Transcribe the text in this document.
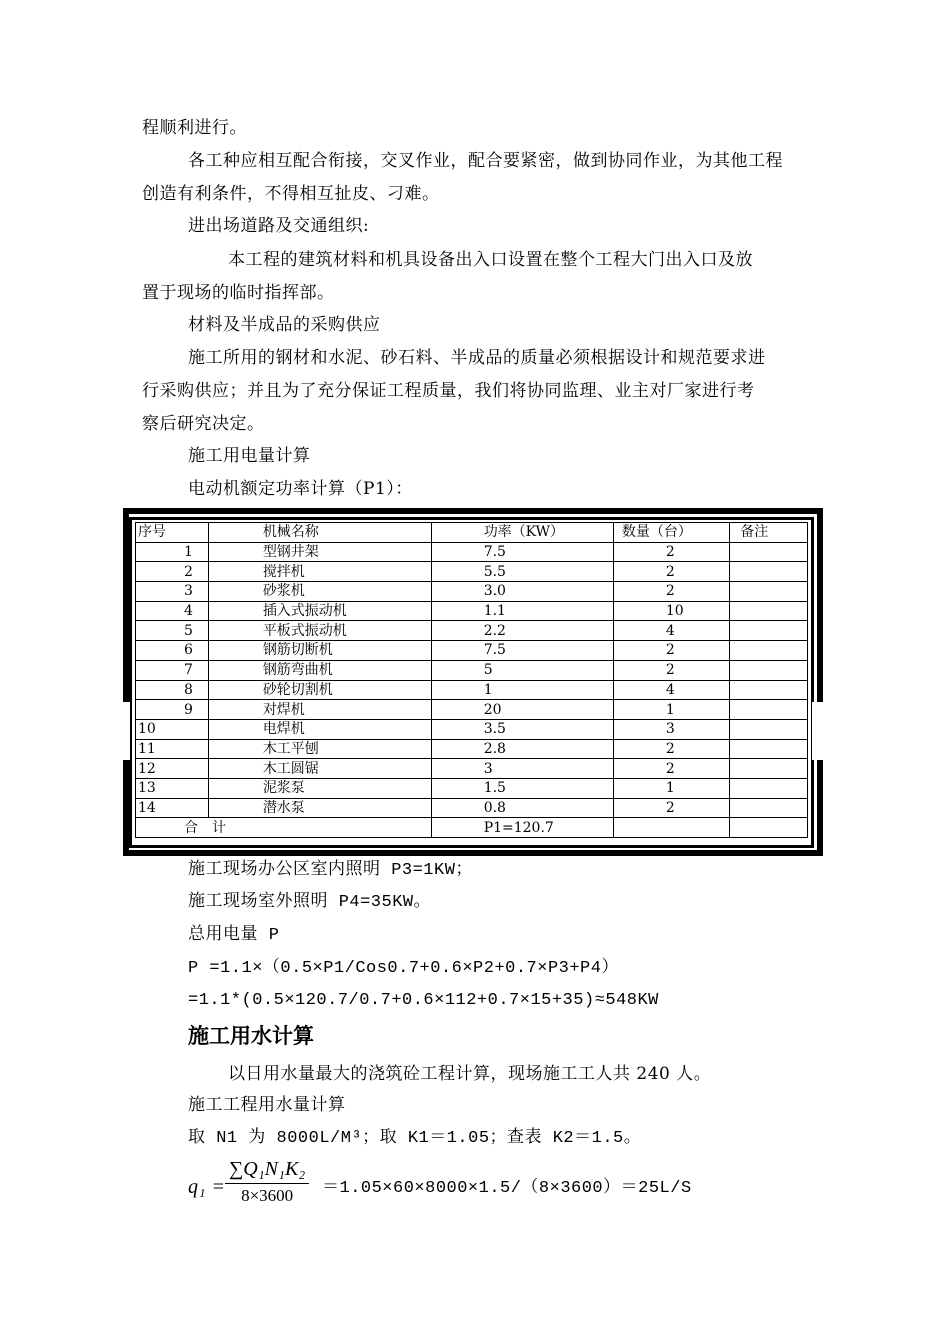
程顺利进行。
各工种应相互配合衔接，交叉作业，配合要紧密，做到协同作业，为其他工程
创造有利条件，不得相互扯皮、刁难。
进出场道路及交通组织:
本工程的建筑材料和机具设备出入口设置在整个工程大门出入口及放
置于现场的临时指挥部。
材料及半成品的采购供应
施工所用的钢材和水泥、砂石料、半成品的质量必须根据设计和规范要求进
行采购供应；并且为了充分保证工程质量，我们将协同监理、业主对厂家进行考
察后研究决定。
施工用电量计算
电动机额定功率计算（P1）：
序号	机械名称	功率（KW）	数量（台）	备注
1	型钢井架	7.5	2	
2	搅拌机	5.5	2	
3	砂浆机	3.0	2	
4	插入式振动机	1.1	10	
5	平板式振动机	2.2	4	
6	钢筋切断机	7.5	2	
7	钢筋弯曲机	5	2	
8	砂轮切割机	1	4	
9	对焊机	20	1	
10	电焊机	3.5	3	
11	木工平刨	2.8	2	
12	木工圆锯	3	2	
13	泥浆泵	1.5	1	
14	潜水泵	0.8	2	
合　计		P1=120.7		
施工现场办公区室内照明 P3=1KW；
施工现场室外照明 P4=35KW。
总用电量 P
P =1.1×（0.5×P1/Cos0.7+0.6×P2+0.7×P3+P4）
=1.1*(0.5×120.7/0.7+0.6×112+0.7×15+35)≈548KW
施工用水计算
以日用水量最大的浇筑砼工程计算，现场施工工人共 240 人。
施工工程用水量计算
取 N1 为 8000L/M³；取 K1＝1.05；查表 K2＝1.5。
$q_1 = \frac{\text{∑Q₁N₁K₂}}{8\times 3600} =1.05\times 60\times 8000\times 1.5/(8\times 3600)=25L/S$
